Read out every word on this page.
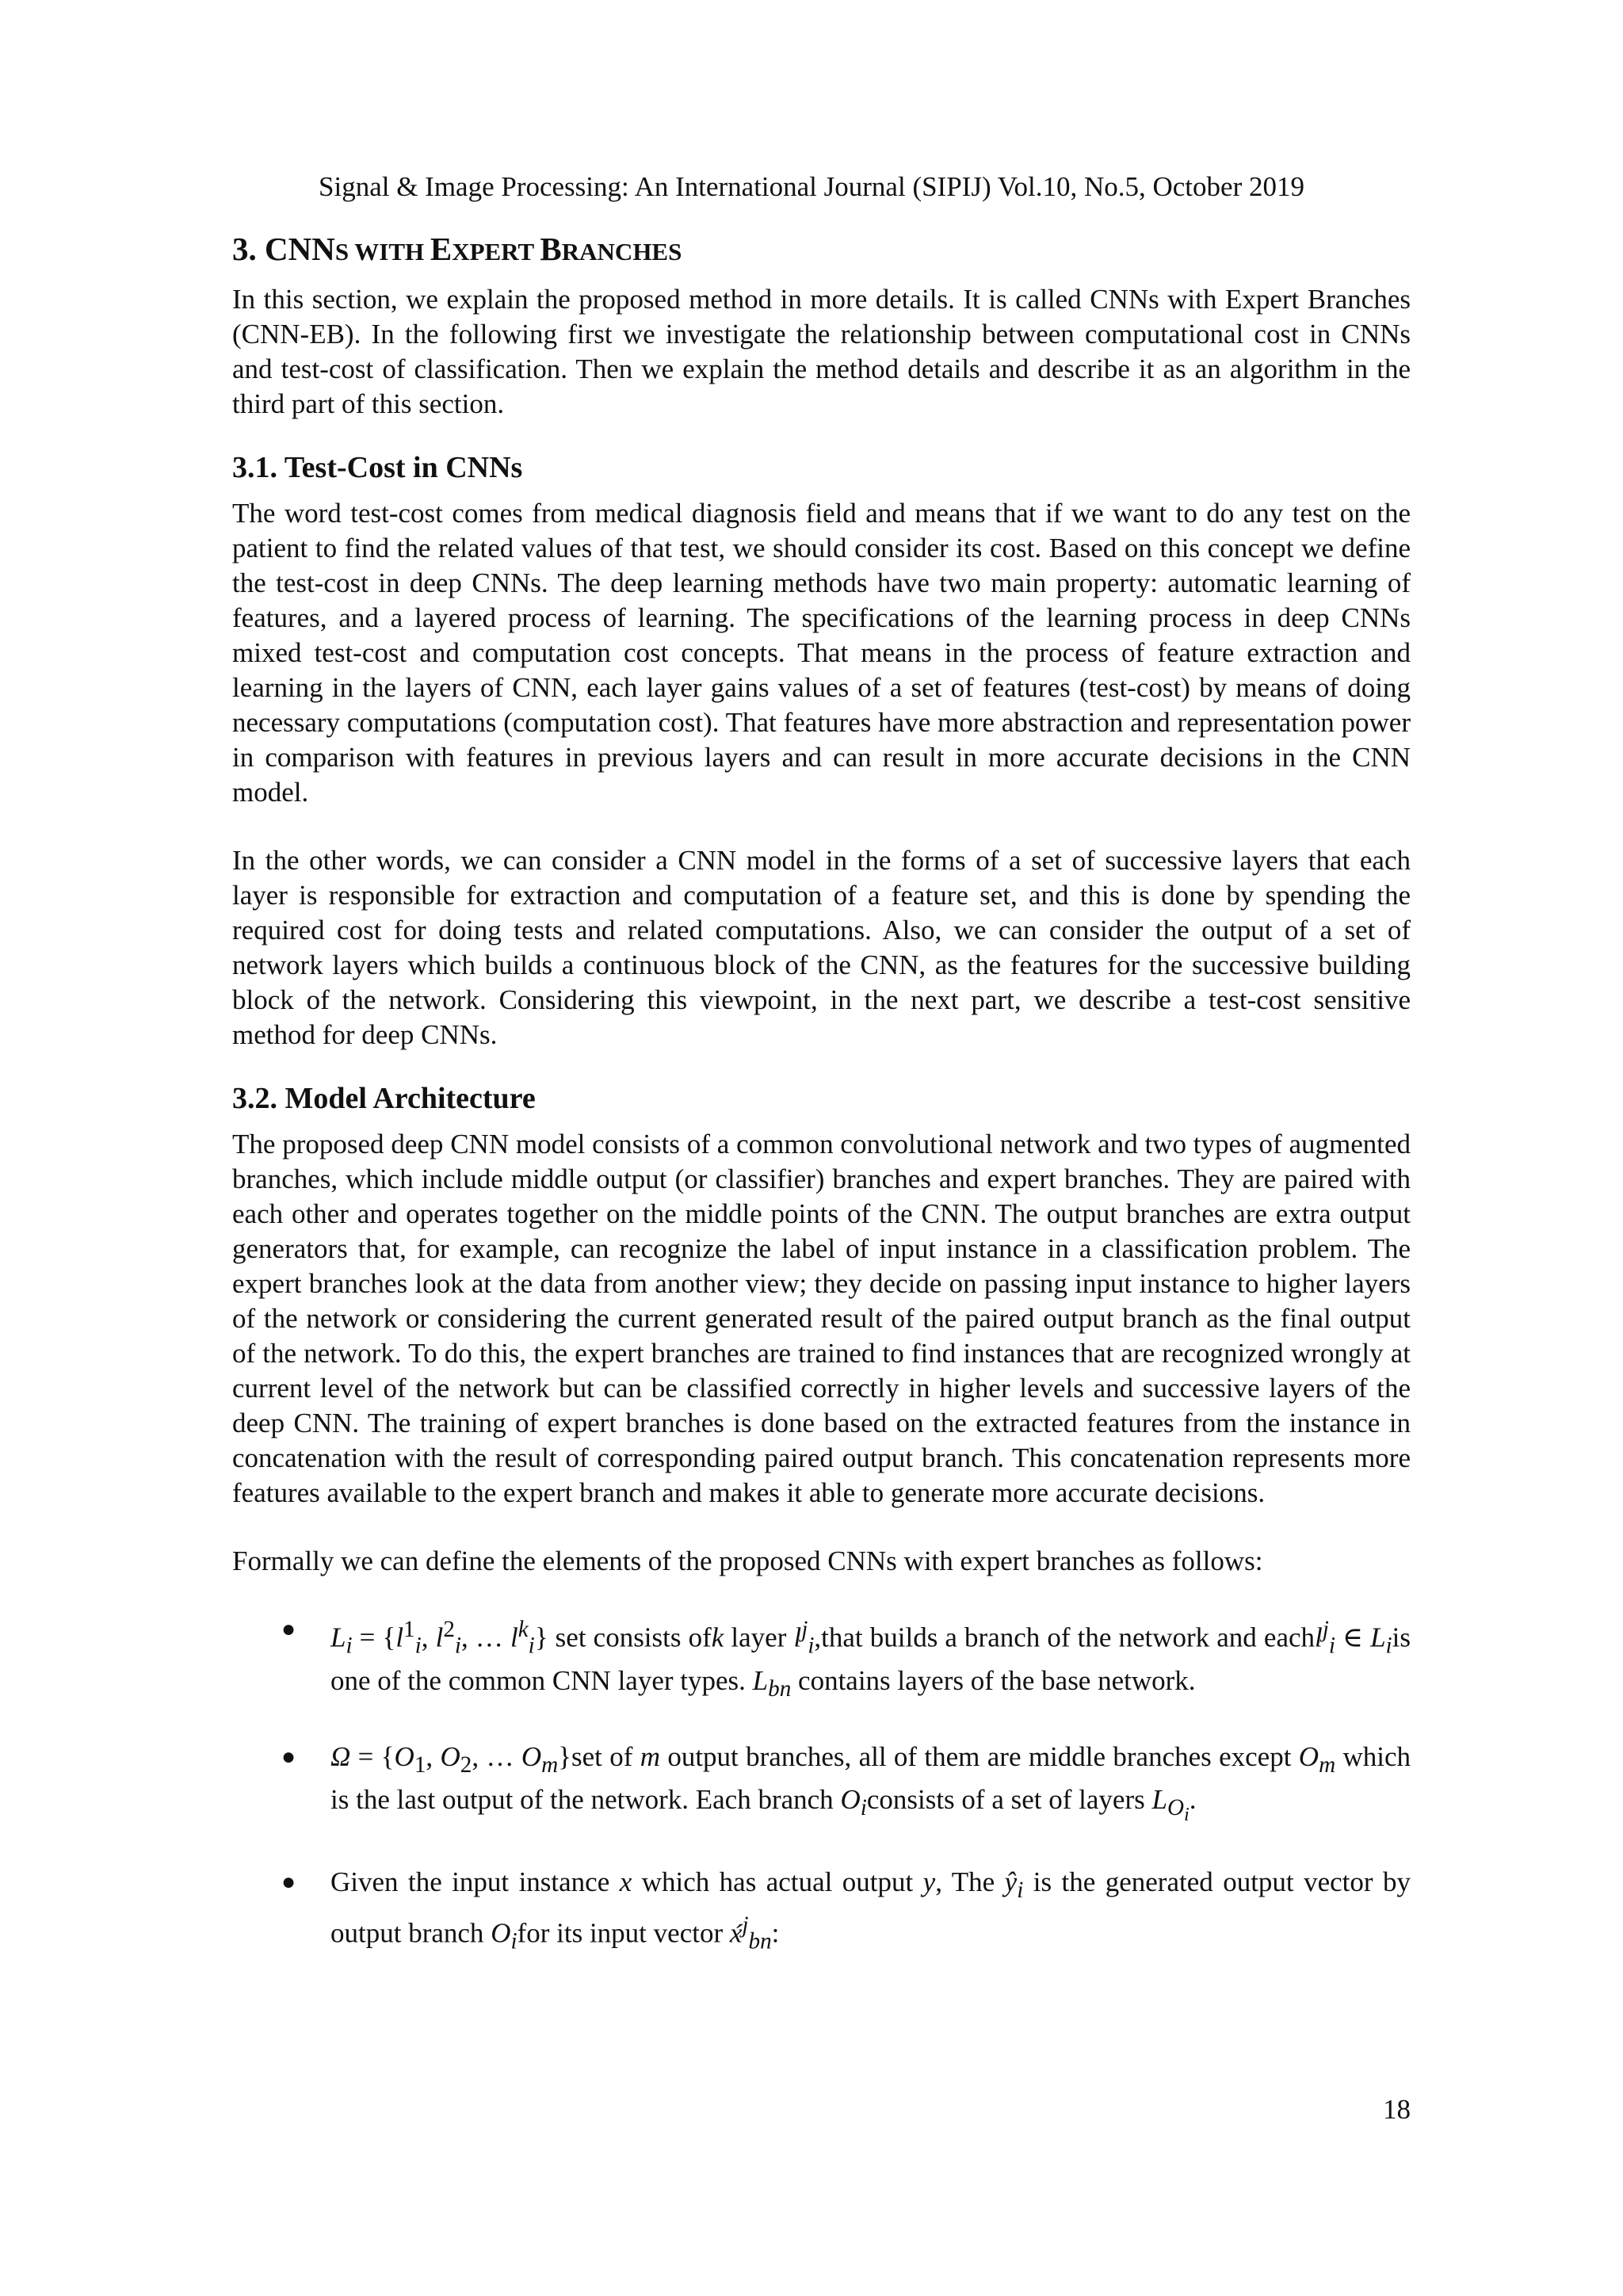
Signal & Image Processing: An International Journal (SIPIJ) Vol.10, No.5, October 2019
3. CNNS WITH EXPERT BRANCHES

In this section, we explain the proposed method in more details. It is called CNNs with Expert Branches (CNN-EB). In the following first we investigate the relationship between computational cost in CNNs and test-cost of classification. Then we explain the method details and describe it as an algorithm in the third part of this section.

3.1. Test-Cost in CNNs

The word test-cost comes from medical diagnosis field and means that if we want to do any test on the patient to find the related values of that test, we should consider its cost. Based on this concept we define the test-cost in deep CNNs. The deep learning methods have two main property: automatic learning of features, and a layered process of learning. The specifications of the learning process in deep CNNs mixed test-cost and computation cost concepts. That means in the process of feature extraction and learning in the layers of CNN, each layer gains values of a set of features (test-cost) by means of doing necessary computations (computation cost). That features have more abstraction and representation power in comparison with features in previous layers and can result in more accurate decisions in the CNN model.

In the other words, we can consider a CNN model in the forms of a set of successive layers that each layer is responsible for extraction and computation of a feature set, and this is done by spending the required cost for doing tests and related computations. Also, we can consider the output of a set of network layers which builds a continuous block of the CNN, as the features for the successive building block of the network. Considering this viewpoint, in the next part, we describe a test-cost sensitive method for deep CNNs.

3.2. Model Architecture

The proposed deep CNN model consists of a common convolutional network and two types of augmented branches, which include middle output (or classifier) branches and expert branches. They are paired with each other and operates together on the middle points of the CNN. The output branches are extra output generators that, for example, can recognize the label of input instance in a classification problem. The expert branches look at the data from another view; they decide on passing input instance to higher layers of the network or considering the current generated result of the paired output branch as the final output of the network. To do this, the expert branches are trained to find instances that are recognized wrongly at current level of the network but can be classified correctly in higher levels and successive layers of the deep CNN. The training of expert branches is done based on the extracted features from the instance in concatenation with the result of corresponding paired output branch. This concatenation represents more features available to the expert branch and makes it able to generate more accurate decisions.

Formally we can define the elements of the proposed CNNs with expert branches as follows:

● $L_i = \{l^1_i$, $l^2_i$, … $l^k_i$} set consists ofk layer $l^j_i,that$ builds a branch of the network and eachl$^j_i$ ∈ $L_iis$ one of the common CNN layer types. $L_{bn}$ contains layers of the base network.
● $\Omega = \{O_1$, $O_2$, … $O_m\}set$ of m output branches, all of them are middle branches except $O_m$ which is the last output of the network. Each branch $O_iconsists$ of a set of layers $L_{O_i}$.
● Given the input instance x which has actual output y, The $ŷ_i$ is the generated output vector by output branch $O_ifor$ its input vector x́$^j_{bn}$:
18
